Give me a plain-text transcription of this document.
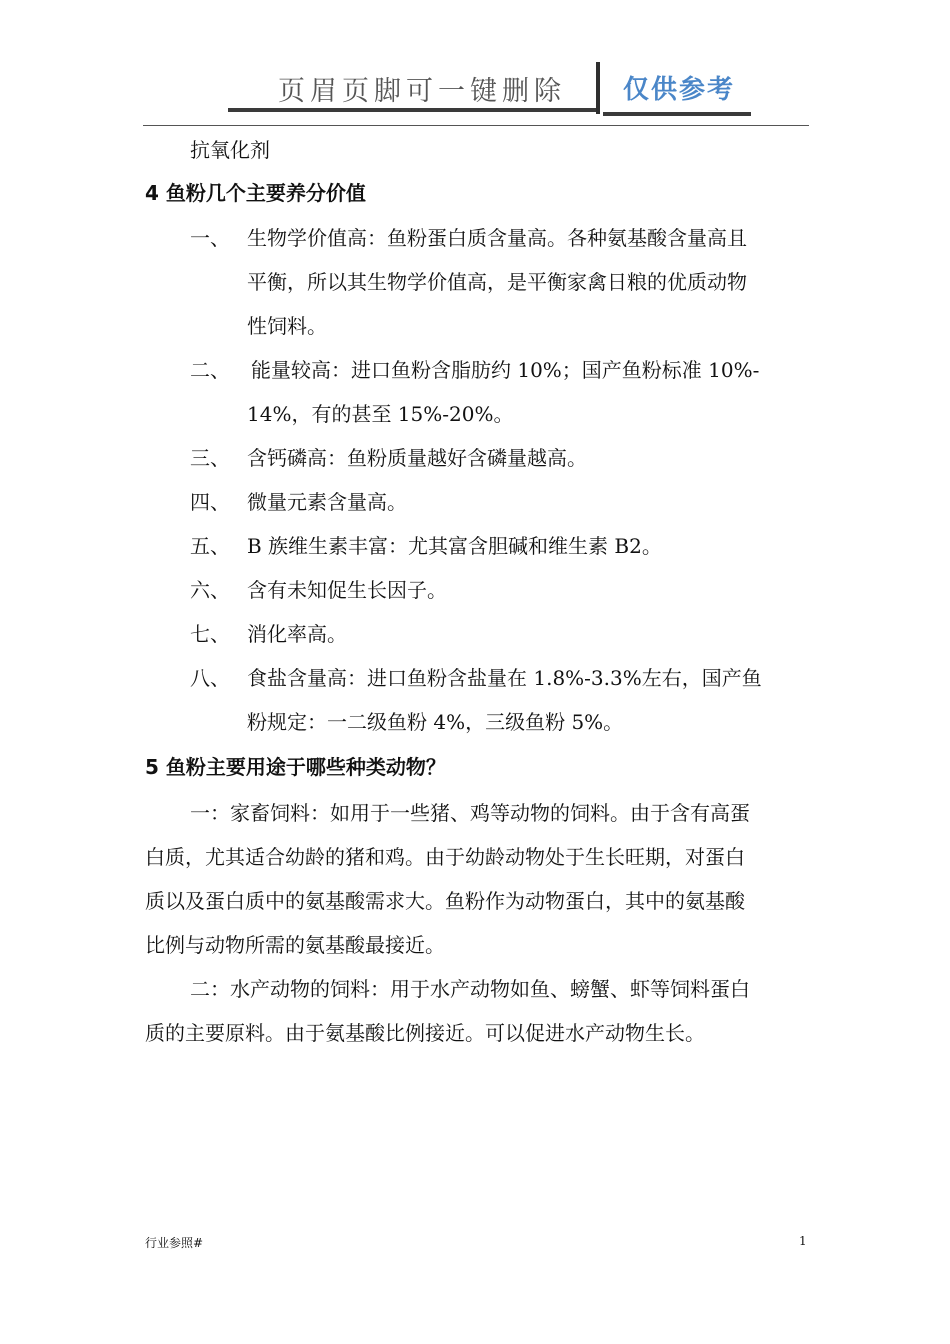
页眉页脚可一键删除	仅供参考
抗氧化剂
4 鱼粉几个主要养分价值
一、 生物学价值高：鱼粉蛋白质含量高。各种氨基酸含量高且
平衡，所以其生物学价值高，是平衡家禽日粮的优质动物
性饲料。
二、 能量较高：进口鱼粉含脂肪约 10%；国产鱼粉标准 10%-
14%，有的甚至 15%-20%。
三、 含钙磷高：鱼粉质量越好含磷量越高。
四、 微量元素含量高。
五、 B 族维生素丰富：尤其富含胆碱和维生素 B2。
六、 含有未知促生长因子。
七、 消化率高。
八、 食盐含量高：进口鱼粉含盐量在 1.8%-3.3%左右，国产鱼
粉规定：一二级鱼粉 4%，三级鱼粉 5%。
5 鱼粉主要用途于哪些种类动物？
一：家畜饲料：如用于一些猪、鸡等动物的饲料。由于含有高蛋
白质，尤其适合幼龄的猪和鸡。由于幼龄动物处于生长旺期，对蛋白
质以及蛋白质中的氨基酸需求大。鱼粉作为动物蛋白，其中的氨基酸
比例与动物所需的氨基酸最接近。
二：水产动物的饲料：用于水产动物如鱼、螃蟹、虾等饲料蛋白
质的主要原料。由于氨基酸比例接近。可以促进水产动物生长。
行业参照#	1
